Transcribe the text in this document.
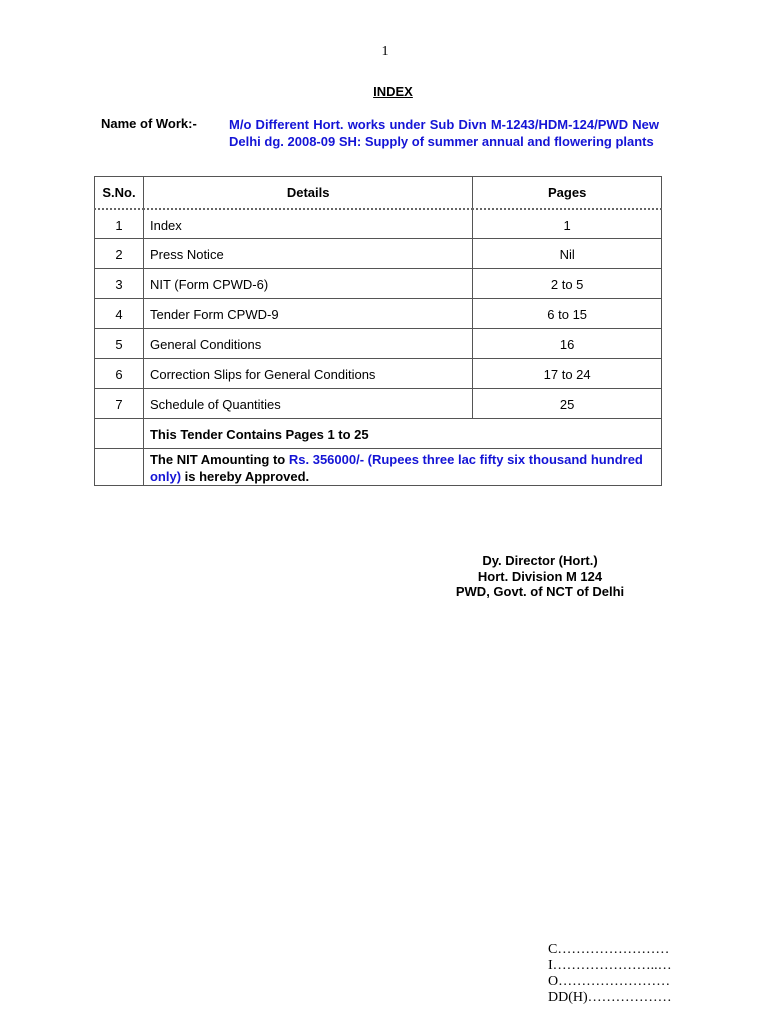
1
INDEX
Name of Work:- M/o Different Hort. works under Sub Divn M-1243/HDM-124/PWD New Delhi dg. 2008-09 SH: Supply of summer annual and flowering plants
S.No.	Details	Pages
1	Index	1
2	Press Notice	Nil
3	NIT (Form CPWD-6)	2 to 5
4	Tender Form CPWD-9	6 to 15
5	General Conditions	16
6	Correction Slips for General Conditions	17 to 24
7	Schedule of Quantities	25
	This Tender Contains Pages 1 to 25	
	The NIT Amounting to Rs. 356000/- (Rupees three lac fifty six thousand hundred only) is hereby Approved.	
Dy. Director (Hort.)
Hort. Division M 124
PWD, Govt. of NCT of Delhi
C……………………
I…………………..…
O……………………
DD(H)………………
